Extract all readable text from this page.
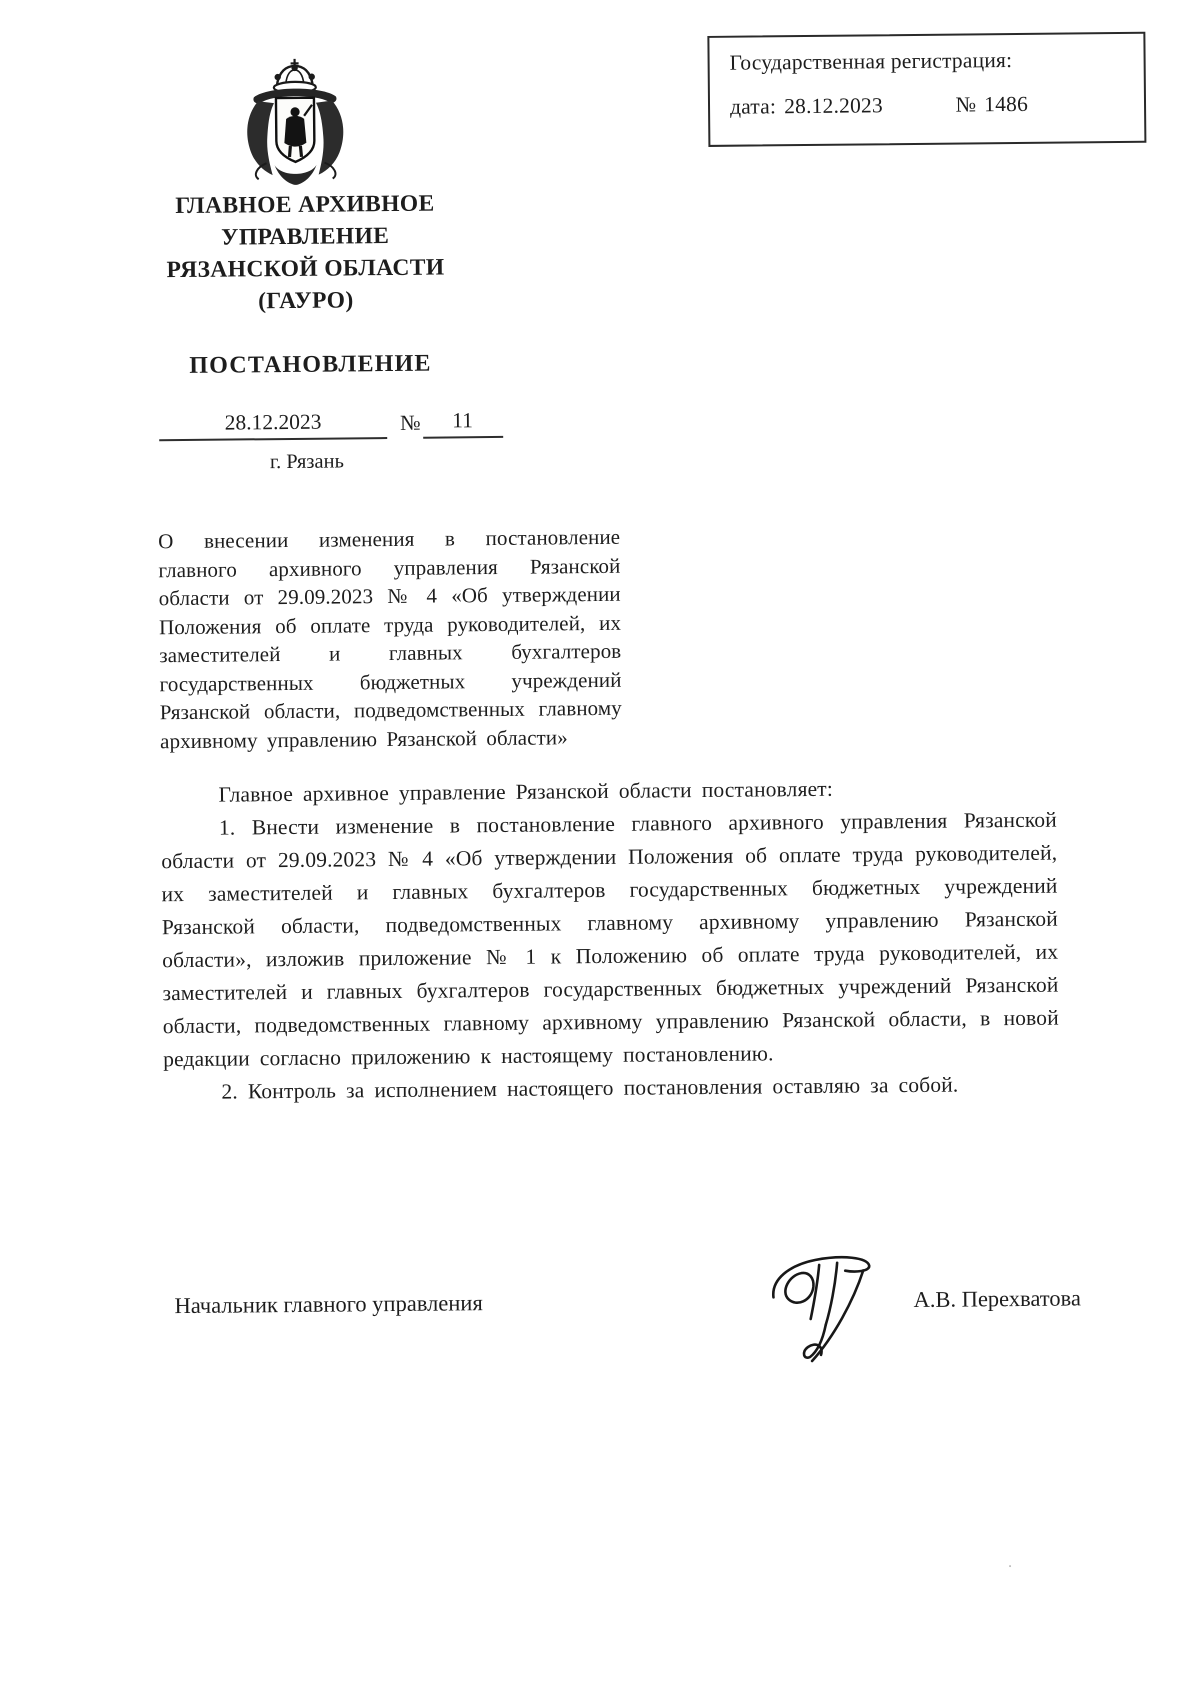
Государственная регистрация:
дата: 28.12.2023	№ 1486
ГЛАВНОЕ АРХИВНОЕ
УПРАВЛЕНИЕ
РЯЗАНСКОЙ ОБЛАСТИ
(ГАУРО)
ПОСТАНОВЛЕНИЕ
28.12.2023	№	11
г. Рязань

О внесении изменения в постановление главного архивного управления Рязанской области от 29.09.2023 № 4 «Об утверждении Положения об оплате труда руководителей, их заместителей и главных бухгалтеров государственных бюджетных учреждений Рязанской области, подведомственных главному архивному управлению Рязанской области»

Главное архивное управление Рязанской области постановляет:

1. Внести изменение в постановление главного архивного управления Рязанской области от 29.09.2023 № 4 «Об утверждении Положения об оплате труда руководителей, их заместителей и главных бухгалтеров государственных бюджетных учреждений Рязанской области, подведомственных главному архивному управлению Рязанской области», изложив приложение № 1 к Положению об оплате труда руководителей, их заместителей и главных бухгалтеров государственных бюджетных учреждений Рязанской области, подведомственных главному архивному управлению Рязанской области, в новой редакции согласно приложению к настоящему постановлению.

2. Контроль за исполнением настоящего постановления оставляю за собой.

Начальник главного управления	А.В. Перехватова
